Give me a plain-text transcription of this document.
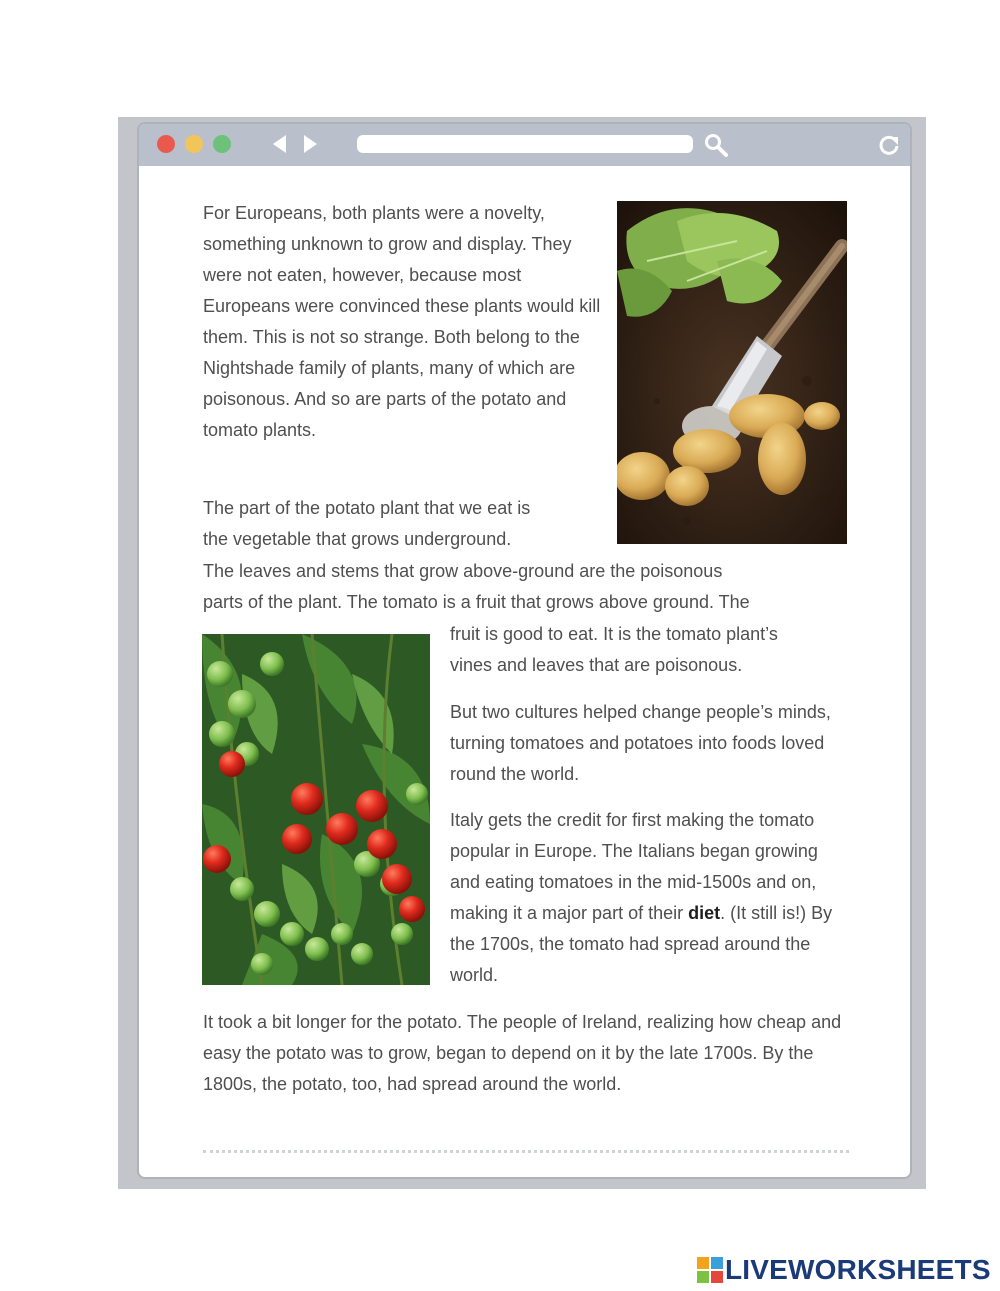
For Europeans, both plants were a novelty, something unknown to grow and display. They were not eaten, however, because most Europeans were convinced these plants would kill them. This is not so strange. Both belong to the Nightshade family of plants, many of which are poisonous. And so are parts of the potato and tomato plants.

The part of the potato plant that we eat is
the vegetable that grows underground.

The leaves and stems that grow above-ground are the poisonous
parts of the plant. The tomato is a fruit that grows above ground. The

fruit is good to eat. It is the tomato plant’s
vines and leaves that are poisonous.

But two cultures helped change people’s minds, turning tomatoes and potatoes into foods loved round the world.

Italy gets the credit for first making the tomato popular in Europe. The Italians began growing and eating tomatoes in the mid-1500s and on, making it a major part of their diet. (It still is!) By the 1700s, the tomato had spread around the world.

It took a bit longer for the potato. The people of Ireland, realizing how cheap and easy the potato was to grow, began to depend on it by the late 1700s. By the 1800s, the potato, too, had spread around the world.

LIVEWORKSHEETS
